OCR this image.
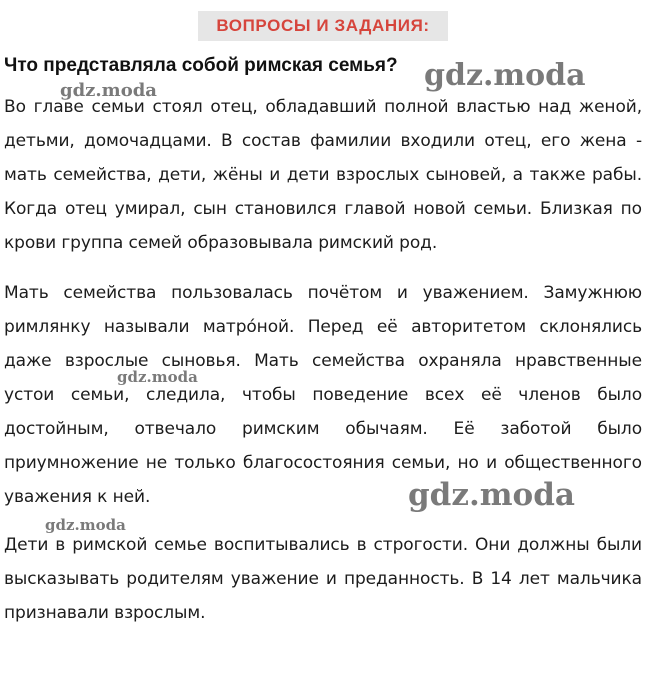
ВОПРОСЫ И ЗАДАНИЯ:
Что представляла собой римская семья?
Во главе семьи стоял отец, обладавший полной властью над женой, детьми, домочадцами. В состав фамилии входили отец, его жена - мать семейства, дети, жёны и дети взрослых сыновей, а также рабы. Когда отец умирал, сын становился главой новой семьи. Близкая по крови группа семей образовывала римский род.
Мать семейства пользовалась почётом и уважением. Замужнюю римлянку называли матро́ной. Перед её авторитетом склонялись даже взрослые сыновья. Мать семейства охраняла нравственные устои семьи, следила, чтобы поведение всех её членов было достойным, отвечало римским обычаям. Её заботой было приумножение не только благосостояния семьи, но и общественного уважения к ней.
Дети в римской семье воспитывались в строгости. Они должны были высказывать родителям уважение и преданность. В 14 лет мальчика признавали взрослым.
gdz.moda
gdz.moda
gdz.moda
gdz.moda
gdz.moda
